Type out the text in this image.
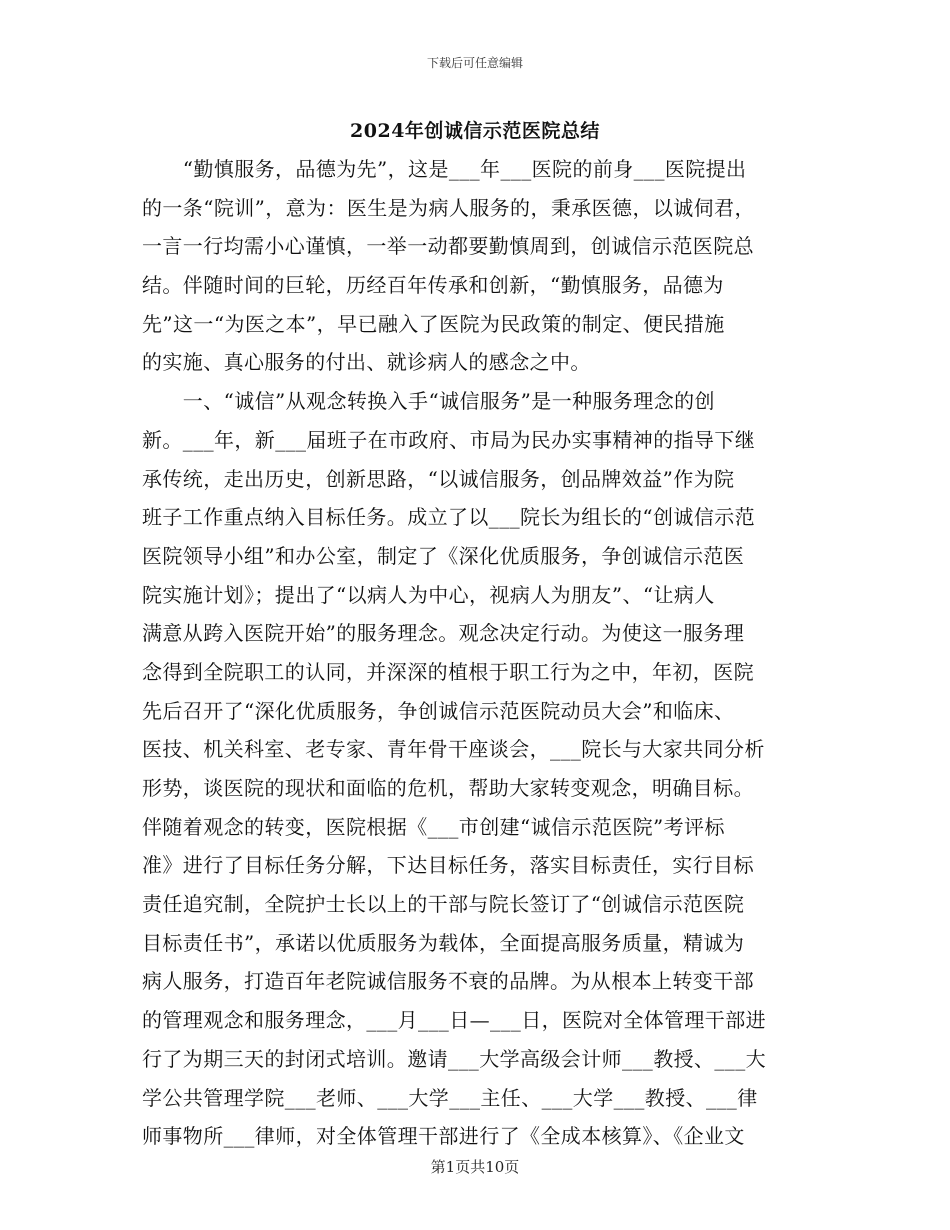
下载后可任意编辑
2024年创诚信示范医院总结
　　“勤慎服务，品德为先”，这是___年___医院的前身___医院提出
的一条“院训”，意为：医生是为病人服务的，秉承医德，以诚伺君，
一言一行均需小心谨慎，一举一动都要勤慎周到，创诚信示范医院总
结。伴随时间的巨轮，历经百年传承和创新，“勤慎服务，品德为
先”这一“为医之本”，早已融入了医院为民政策的制定、便民措施
的实施、真心服务的付出、就诊病人的感念之中。
　　一、“诚信”从观念转换入手“诚信服务”是一种服务理念的创
新。___年，新___届班子在市政府、市局为民办实事精神的指导下继
承传统，走出历史，创新思路，“以诚信服务，创品牌效益”作为院
班子工作重点纳入目标任务。成立了以___院长为组长的“创诚信示范
医院领导小组”和办公室，制定了《深化优质服务，争创诚信示范医
院实施计划》；提出了“以病人为中心，视病人为朋友”、“让病人
满意从跨入医院开始”的服务理念。观念决定行动。为使这一服务理
念得到全院职工的认同，并深深的植根于职工行为之中，年初，医院
先后召开了“深化优质服务，争创诚信示范医院动员大会”和临床、
医技、机关科室、老专家、青年骨干座谈会，___院长与大家共同分析
形势，谈医院的现状和面临的危机，帮助大家转变观念，明确目标。
伴随着观念的转变，医院根据《___市创建“诚信示范医院”考评标
准》进行了目标任务分解，下达目标任务，落实目标责任，实行目标
责任追究制，全院护士长以上的干部与院长签订了“创诚信示范医院
目标责任书”，承诺以优质服务为载体，全面提高服务质量，精诚为
病人服务，打造百年老院诚信服务不衰的品牌。为从根本上转变干部
的管理观念和服务理念，___月___日—___日，医院对全体管理干部进
行了为期三天的封闭式培训。邀请___大学高级会计师___教授、___大
学公共管理学院___老师、___大学___主任、___大学___教授、___律
师事物所___律师，对全体管理干部进行了《全成本核算》、《企业文
第1页共10页
